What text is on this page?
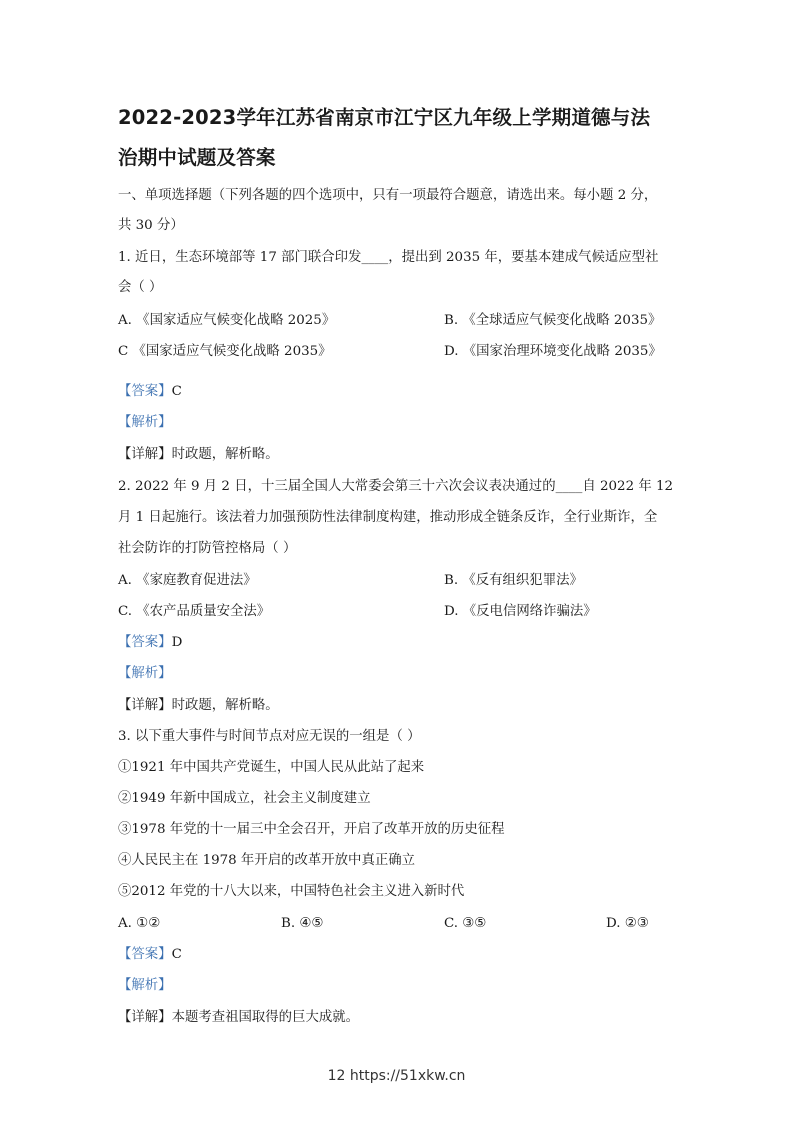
2022-2023学年江苏省南京市江宁区九年级上学期道德与法
治期中试题及答案
一、单项选择题（下列各题的四个选项中，只有一项最符合题意，请选出来。每小题 2 分，
共 30 分）
1. 近日，生态环境部等 17 部门联合印发____，提出到 2035 年，要基本建成气候适应型社
会（ ）
A. 《国家适应气候变化战略 2025》	B. 《全球适应气候变化战略 2035》
C 《国家适应气候变化战略 2035》	D. 《国家治理环境变化战略 2035》
【答案】C
【解析】
【详解】时政题，解析略。
2. 2022 年 9 月 2 日，十三届全国人大常委会第三十六次会议表决通过的____自 2022 年 12
月 1 日起施行。该法着力加强预防性法律制度构建，推动形成全链条反诈，全行业斯诈，全
社会防诈的打防管控格局（ ）
A. 《家庭教育促进法》	B. 《反有组织犯罪法》
C. 《农产品质量安全法》	D. 《反电信网络诈骗法》
【答案】D
【解析】
【详解】时政题，解析略。
3. 以下重大事件与时间节点对应无误的一组是（ ）
①1921 年中国共产党诞生，中国人民从此站了起来
②1949 年新中国成立，社会主义制度建立
③1978 年党的十一届三中全会召开，开启了改革开放的历史征程
④人民民主在 1978 年开启的改革开放中真正确立
⑤2012 年党的十八大以来，中国特色社会主义进入新时代
A. ①②	B. ④⑤	C. ③⑤	D. ②③
【答案】C
【解析】
【详解】本题考查祖国取得的巨大成就。
12 https://51xkw.cn
